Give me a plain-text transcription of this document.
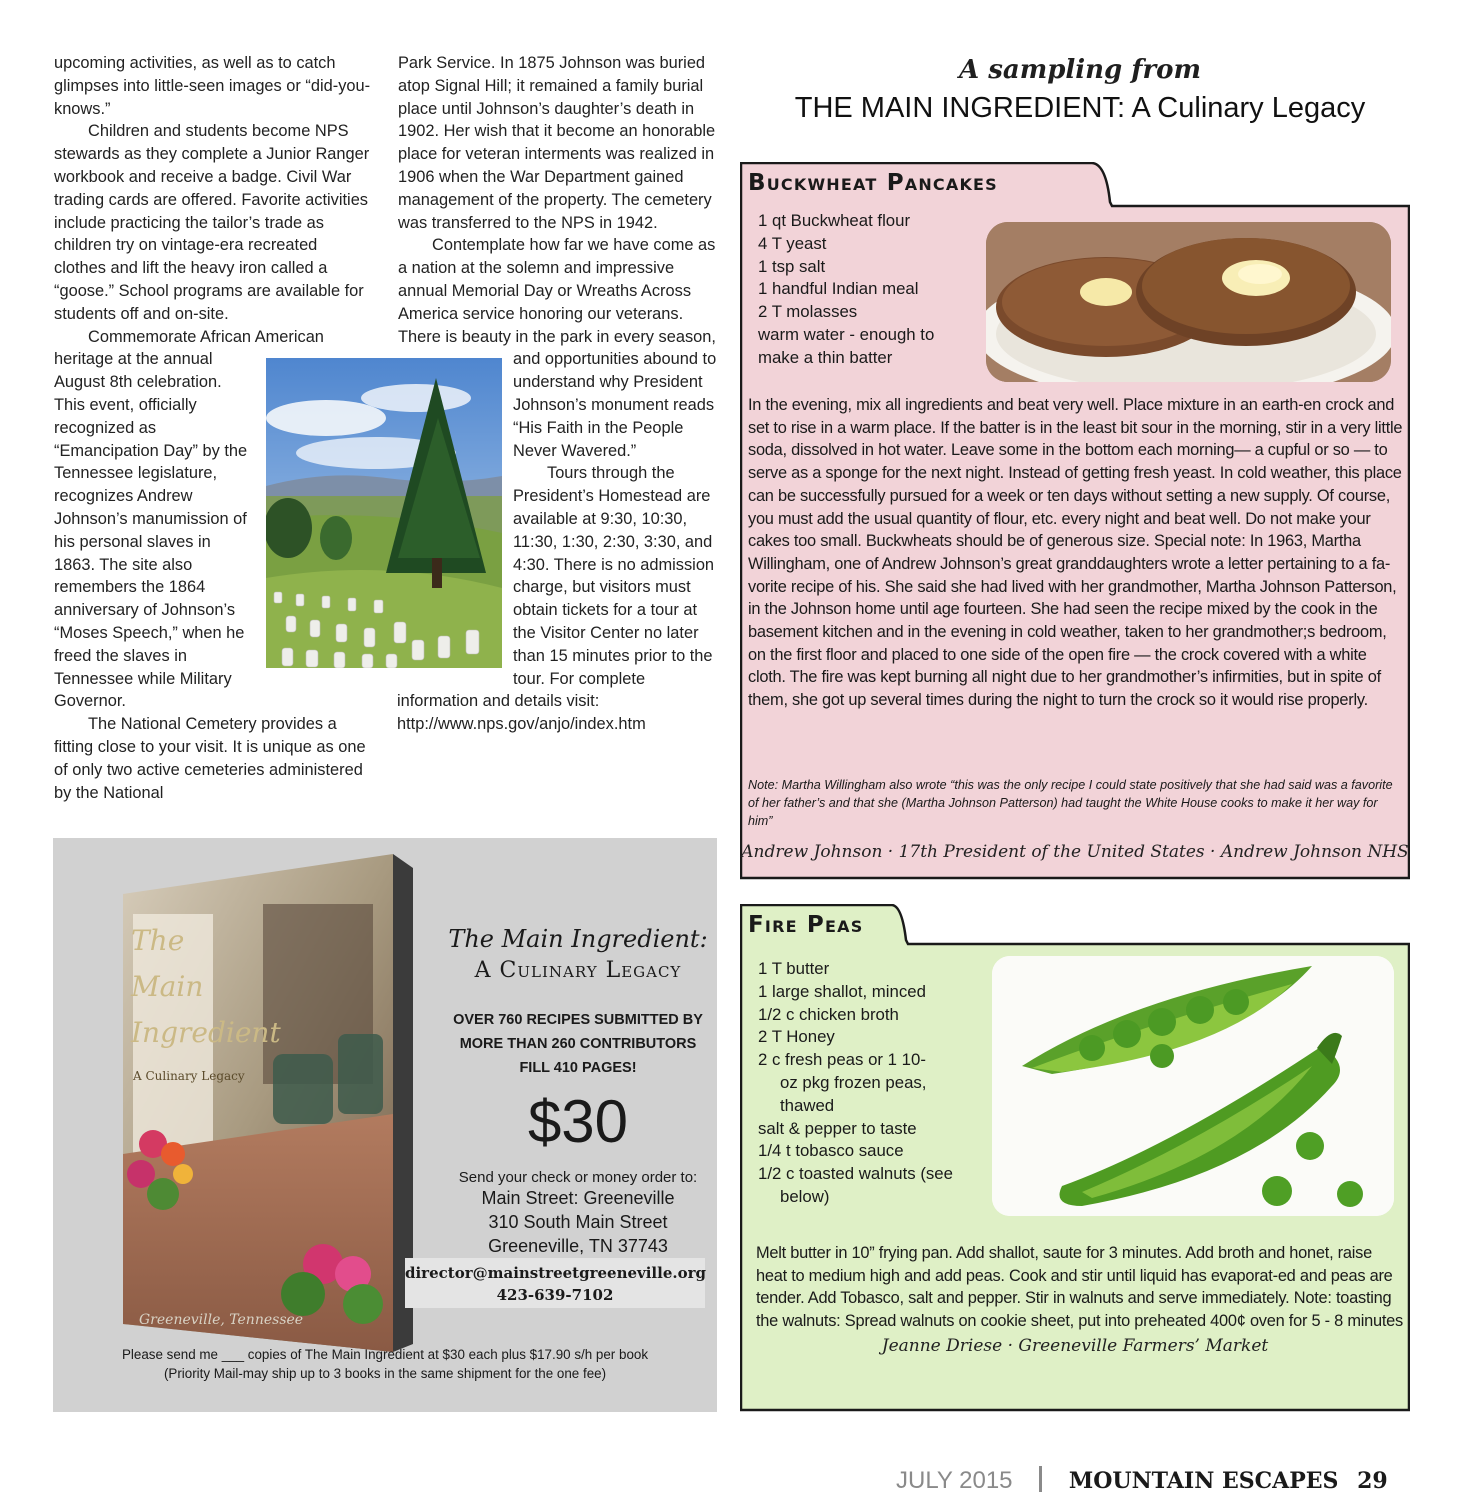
upcoming activities, as well as to catch glimpses into little-seen images or “did-you-knows.”

Children and students become NPS stewards as they complete a Junior Ranger workbook and receive a badge. Civil War trading cards are offered. Favorite activities include practicing the tailor’s trade as children try on vintage-era recreated clothes and lift the heavy iron called a “goose.” School programs are available for students off and on-site.

Commemorate African American heritage at the annual August 8th celebration. This event, officially recognized as “Emancipation Day” by the Tennessee legislature, recognizes Andrew Johnson’s manumission of his personal slaves in 1863. The site also remembers the 1864 anniversary of Johnson’s “Moses Speech,” when he freed the slaves in Tennessee while Military Governor.

The National Cemetery provides a fitting close to your visit. It is unique as one of only two active cemeteries administered by the National

Park Service. In 1875 Johnson was buried atop Signal Hill; it remained a family burial place until Johnson’s daughter’s death in 1902. Her wish that it become an honorable place for veteran interments was realized in 1906 when the War Department gained management of the property. The cemetery was transferred to the NPS in 1942.

Contemplate how far we have come as a nation at the solemn and impressive annual Memorial Day or Wreaths Across America service honoring our veterans. There is beauty in the park in every season, and opportunities abound to understand why President Johnson’s monument reads “His Faith in the People Never Wavered.”

Tours through the President’s Homestead are available at 9:30, 10:30, 11:30, 1:30, 2:30, 3:30, and 4:30. There is no admission charge, but visitors must obtain tickets for a tour at the Visitor Center no later than 15 minutes prior to the tour. For complete information and details visit: http://www.nps.gov/anjo/index.htm

The
Main
Ingredient
A Culinary Legacy
Greeneville, Tennessee
The Main Ingredient:
A Culinary Legacy
OVER 760 RECIPES SUBMITTED BY
MORE THAN 260 CONTRIBUTORS
FILL 410 PAGES!
$30
Send your check or money order to:
Main Street: Greeneville
310 South Main Street
Greeneville, TN 37743
director@mainstreetgreeneville.org
423-639-7102
Please send me ___ copies of The Main Ingredient at $30 each plus $17.90 s/h per book
(Priority Mail-may ship up to 3 books in the same shipment for the one fee)
A sampling from
THE MAIN INGREDIENT: A Culinary Legacy
Buckwheat Pancakes
1 qt Buckwheat flour
4 T yeast
1 tsp salt
1 handful Indian meal
2 T molasses
warm water - enough to
make a thin batter
In the evening, mix all ingredients and beat very well. Place mixture in an earth-en crock and set to rise in a warm place. If the batter is in the least bit sour in the morning, stir in a very little soda, dissolved in hot water. Leave some in the bottom each morning— a cupful or so — to serve as a sponge for the next night. Instead of getting fresh yeast. In cold weather, this place can be successfully pursued for a week or ten days without setting a new supply. Of course, you must add the usual quantity of flour, etc. every night and beat well. Do not make your cakes too small. Buckwheats should be of generous size. Special note: In 1963, Martha Willingham, one of Andrew Johnson’s great granddaughters wrote a letter pertaining to a fa-vorite recipe of his. She said she had lived with her grandmother, Martha Johnson Patterson, in the Johnson home until age fourteen. She had seen the recipe mixed by the cook in the basement kitchen and in the evening in cold weather, taken to her grandmother;s bedroom, on the first floor and placed to one side of the open fire — the crock covered with a white cloth. The fire was kept burning all night due to her grandmother’s infirmities, but in spite of them, she got up several times during the night to turn the crock so it would rise properly.
Note: Martha Willingham also wrote “this was the only recipe I could state positively that she had said was a favorite of her father’s and that she (Martha Johnson Patterson) had taught the White House cooks to make it her way for him”
Andrew Johnson · 17th President of the United States · Andrew Johnson NHS
Fire Peas
1 T butter
1 large shallot, minced
1/2 c chicken broth
2 T Honey
2 c fresh peas or 1 10-
oz pkg frozen peas,
thawed
salt & pepper to taste
1/4 t tobasco sauce
1/2 c toasted walnuts (see
below)
Melt butter in 10” frying pan. Add shallot, saute for 3 minutes. Add broth and honet, raise heat to medium high and add peas. Cook and stir until liquid has evaporat-ed and peas are tender. Add Tobasco, salt and pepper. Stir in walnuts and serve immediately. Note: toasting the walnuts: Spread walnuts on cookie sheet, put into preheated 400¢ oven for 5 - 8 minutes
Jeanne Driese · Greeneville Farmers’ Market
JULY 2015	MOUNTAIN ESCAPES 29
